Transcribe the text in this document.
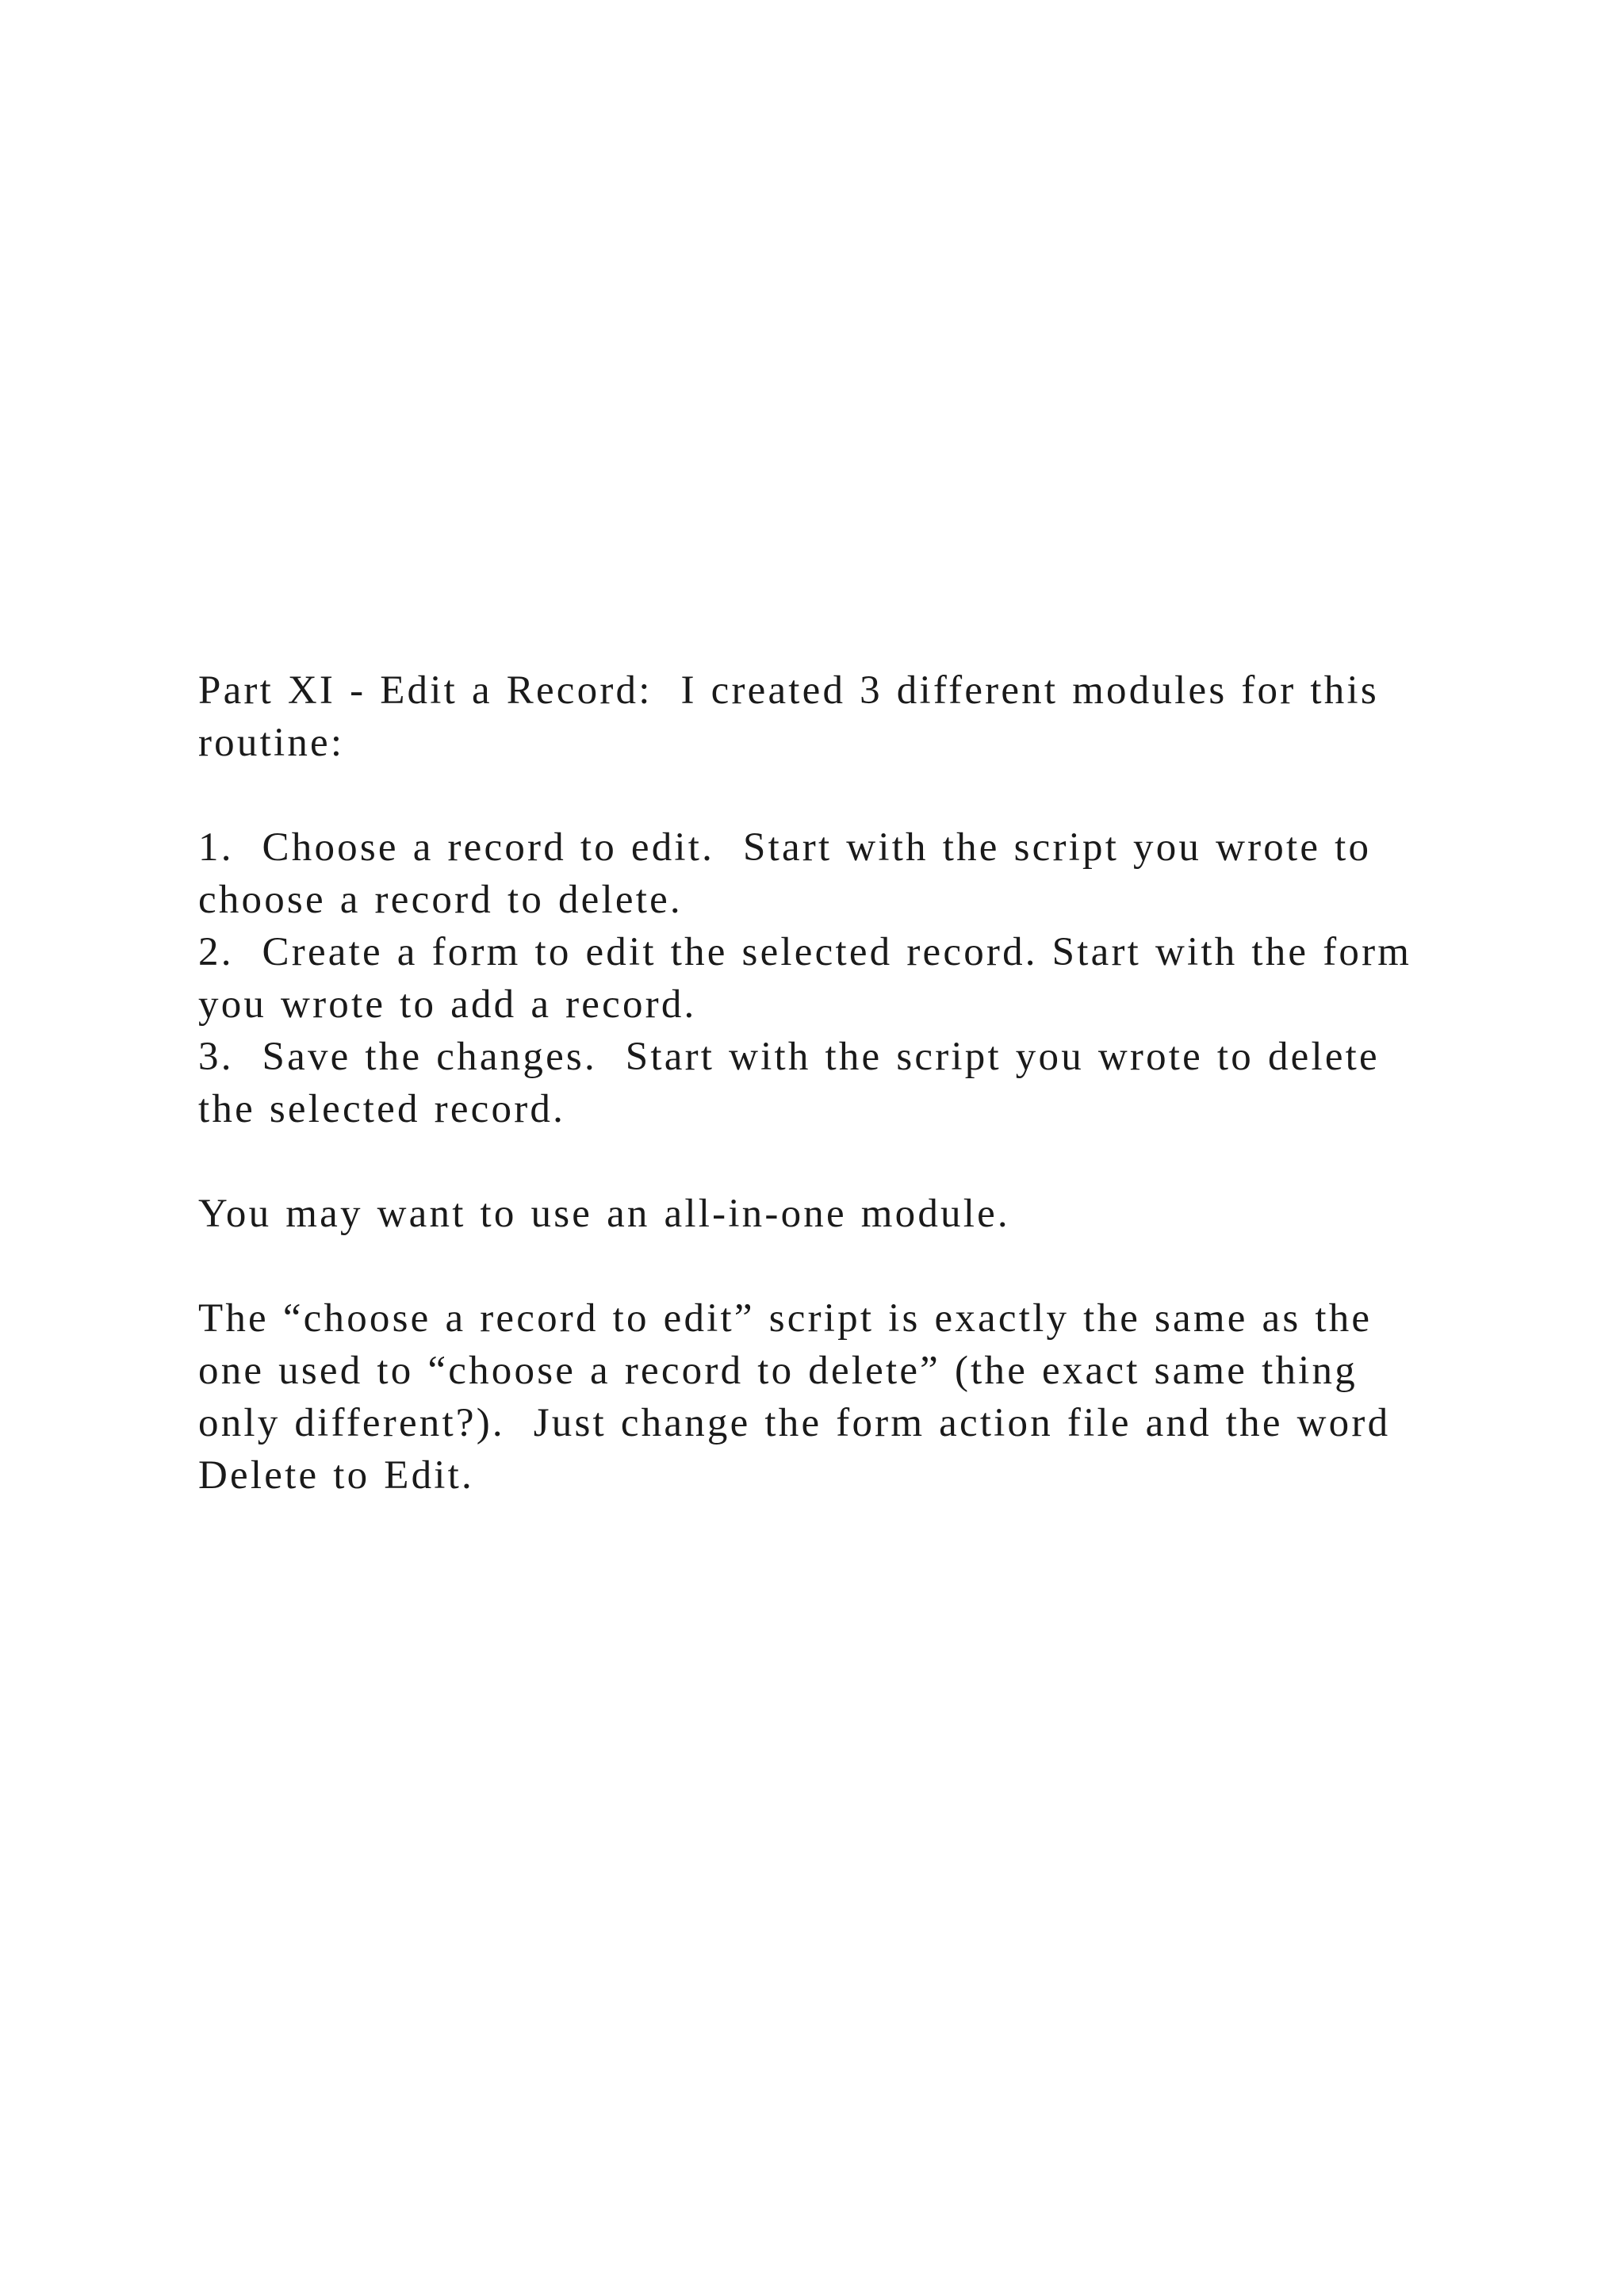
Part XI - Edit a Record:  I created 3 different modules for this
routine:
1.  Choose a record to edit.  Start with the script you wrote to
choose a record to delete.
2.  Create a form to edit the selected record. Start with the form
you wrote to add a record.
3.  Save the changes.  Start with the script you wrote to delete
the selected record.
You may want to use an all-in-one module.
The “choose a record to edit” script is exactly the same as the
one used to “choose a record to delete” (the exact same thing
only different?).  Just change the form action file and the word
Delete to Edit.
